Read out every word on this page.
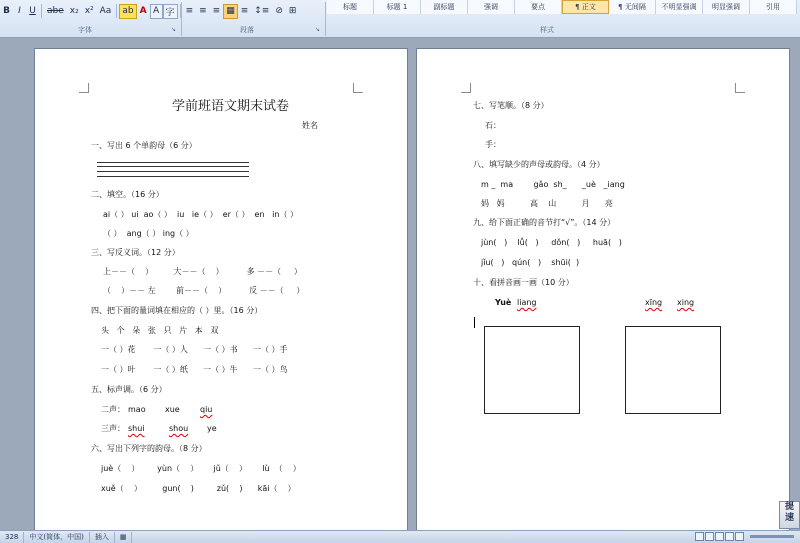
B I U	abe x₂ x² Aa	ab A A 字	≡ ≡ ≡ ▦ ≡ ↕≡ ⊘ ⊞	标题	标题 1	副标题	强调	要点	¶ 正文	¶ 无间隔	不明显强调	明显强调	引用
字体	段落	样式
↘	↘
学前班语文期末试卷
姓名
一、写出 6 个单韵母（6 分）
二、填空。（16 分）
ai（ ） ui  ao（ ）  iu   ie（ ）  er（ ）  en   in（ ）
（ ）  ang（ ） ing（ ）
三、写反义词。（12 分）
上－－（    ）        大－－（    ）         多 －－（     ）
（    ）－－ 左        前－－（    ）         反 －－（     ）
四、把下面的量词填在相应的（ ）里。（16 分）
头   个   朵   张   只   片   本   双
一（ ）花       一（ ）人      一（ ）书      一（ ）手
一（ ）叶       一（ ）纸      一（ ）牛      一（ ）鸟
五、标声调。（6 分）
二声： mao xue	qiu
三声： shui	shou ye
六、写出下列字的韵母。（8 分）
juè（    ）       yùn（    ）      jǔ（    ）      lù  （    ）
xuě（    ）        gun(    )         zǔ(    )      kāi（    ）
七、写笔顺。（8 分）
石：
手：
八、填写缺少的声母或韵母。（4 分）
m _  ma        gǎo  sh_      _uè   _iang
妈   妈          高    山          月      亮
九、给下面正确的音节打“√”。（14 分）
jùn(   )    lǚ(   )     dǒn(   )     huā(   )
jǐu(   )   qún(   )    shūi(  )
十、看拼音画一画（10 分）
Yuè liang	xīng xing
提 速
328	中文(简体，中国)	插入	▦
